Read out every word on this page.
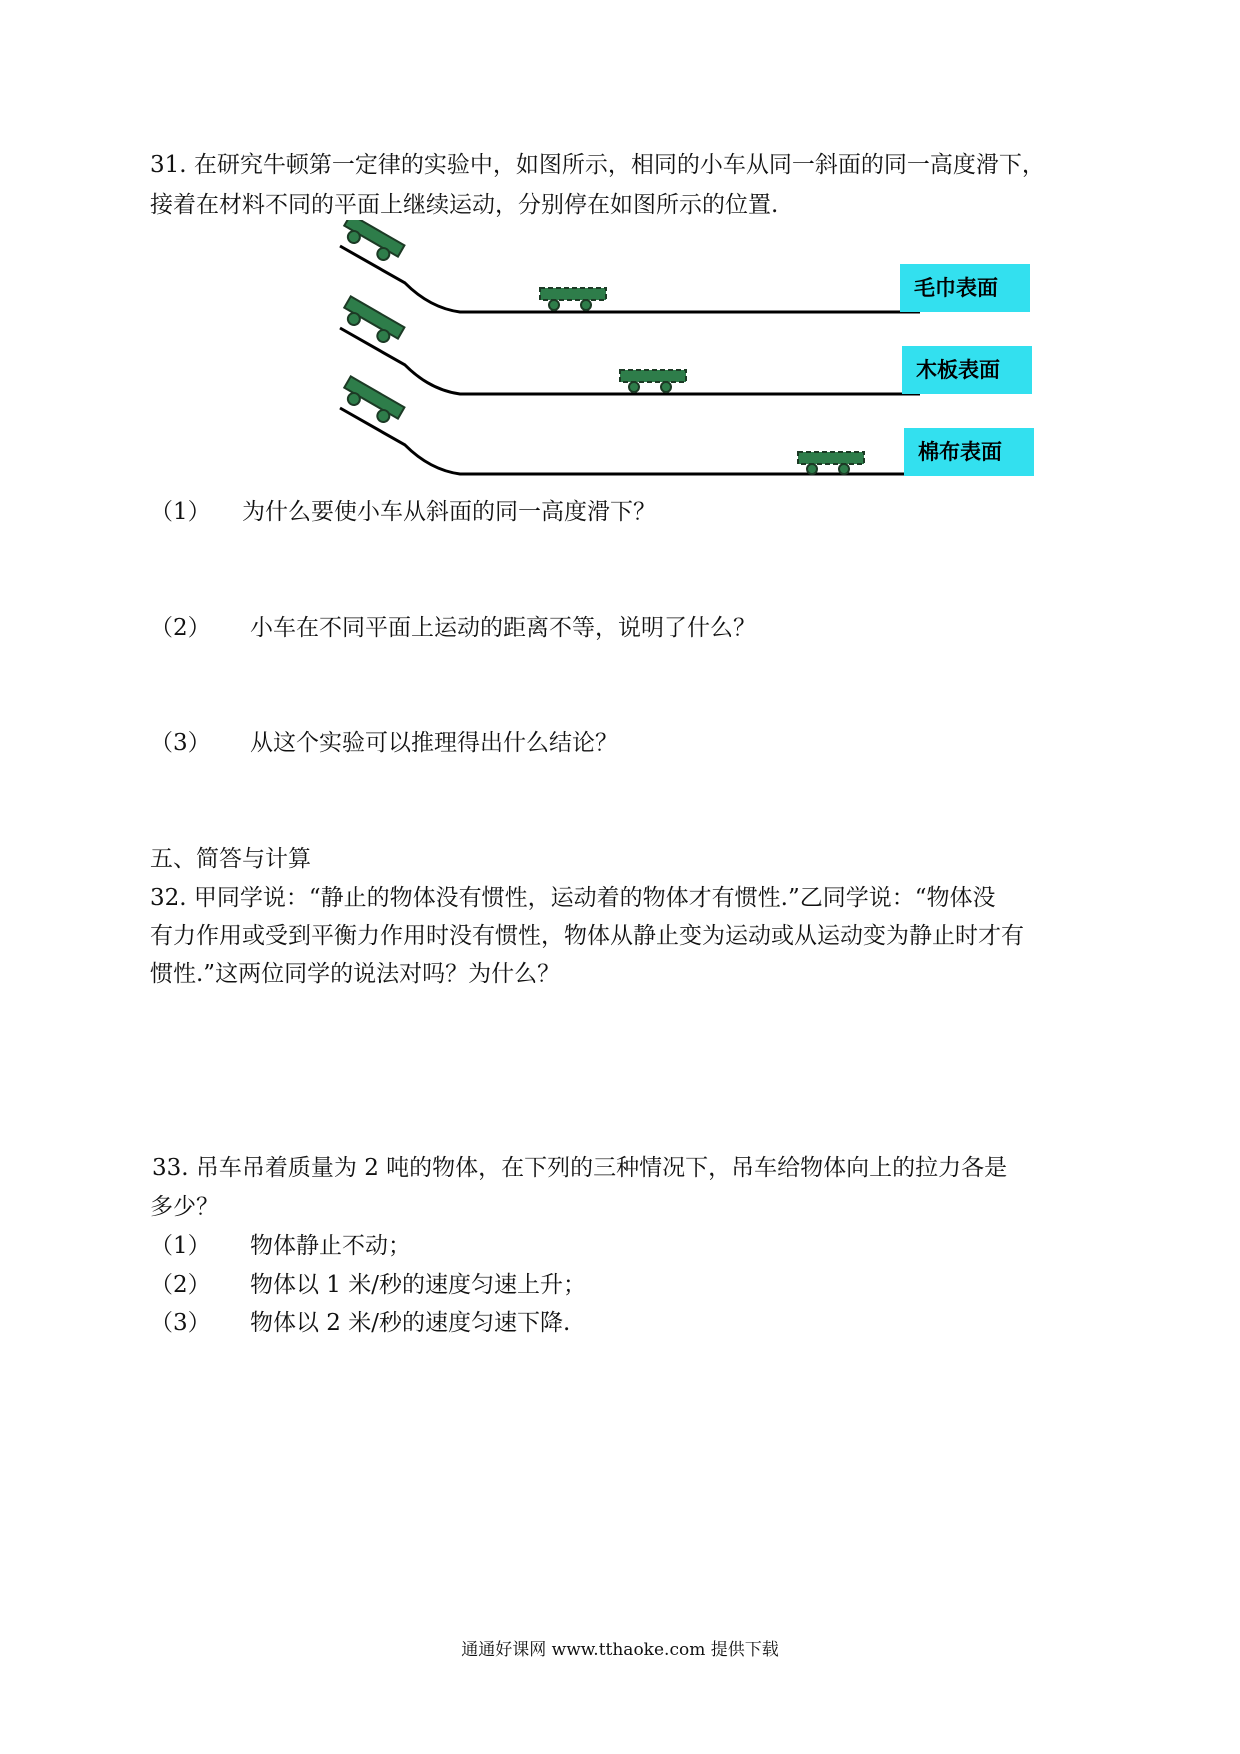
31. 在研究牛顿第一定律的实验中，如图所示，相同的小车从同一斜面的同一高度滑下，
接着在材料不同的平面上继续运动，分别停在如图所示的位置.
毛巾表面
木板表面
棉布表面
（1） 为什么要使小车从斜面的同一高度滑下？
（2） 小车在不同平面上运动的距离不等，说明了什么？
（3） 从这个实验可以推理得出什么结论？
五、简答与计算
32. 甲同学说：“静止的物体没有惯性，运动着的物体才有惯性.”乙同学说：“物体没
有力作用或受到平衡力作用时没有惯性，物体从静止变为运动或从运动变为静止时才有
惯性.”这两位同学的说法对吗？为什么？
33. 吊车吊着质量为 2 吨的物体，在下列的三种情况下，吊车给物体向上的拉力各是
多少？
（1） 物体静止不动；
（2） 物体以 1 米/秒的速度匀速上升；
（3） 物体以 2 米/秒的速度匀速下降.
通通好课网 www.tthaoke.com 提供下载
